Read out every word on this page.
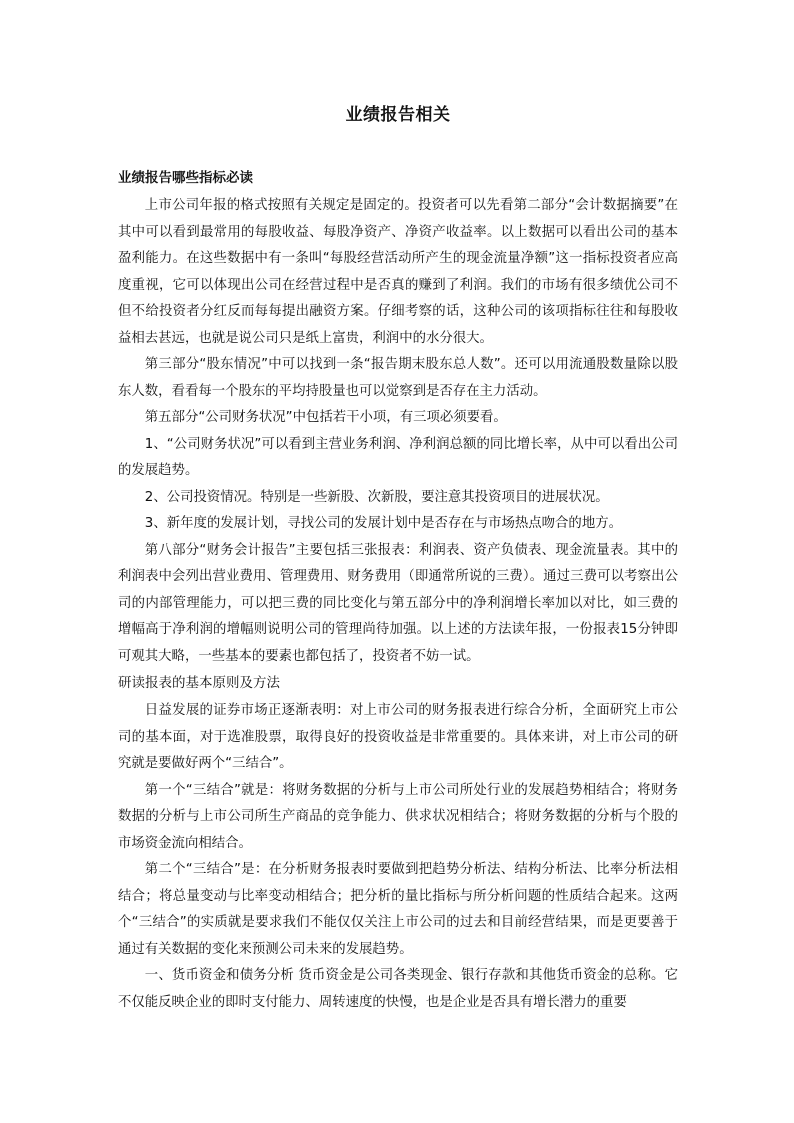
业绩报告相关
业绩报告哪些指标必读

上市公司年报的格式按照有关规定是固定的。投资者可以先看第二部分“会计数据摘要”在其中可以看到最常用的每股收益、每股净资产、净资产收益率。以上数据可以看出公司的基本盈利能力。在这些数据中有一条叫“每股经营活动所产生的现金流量净额”这一指标投资者应高度重视，它可以体现出公司在经营过程中是否真的赚到了利润。我们的市场有很多绩优公司不但不给投资者分红反而每每提出融资方案。仔细考察的话，这种公司的该项指标往往和每股收益相去甚远，也就是说公司只是纸上富贵，利润中的水分很大。

第三部分“股东情况”中可以找到一条“报告期末股东总人数”。还可以用流通股数量除以股东人数，看看每一个股东的平均持股量也可以觉察到是否存在主力活动。

第五部分“公司财务状况”中包括若干小项，有三项必须要看。

1、“公司财务状况”可以看到主营业务利润、净利润总额的同比增长率，从中可以看出公司的发展趋势。

2、公司投资情况。特别是一些新股、次新股，要注意其投资项目的进展状况。

3、新年度的发展计划，寻找公司的发展计划中是否存在与市场热点吻合的地方。

第八部分“财务会计报告”主要包括三张报表：利润表、资产负债表、现金流量表。其中的利润表中会列出营业费用、管理费用、财务费用（即通常所说的三费）。通过三费可以考察出公司的内部管理能力，可以把三费的同比变化与第五部分中的净利润增长率加以对比，如三费的增幅高于净利润的增幅则说明公司的管理尚待加强。以上述的方法读年报，一份报表15分钟即可观其大略，一些基本的要素也都包括了，投资者不妨一试。

研读报表的基本原则及方法

日益发展的证券市场正逐渐表明：对上市公司的财务报表进行综合分析，全面研究上市公司的基本面，对于选准股票，取得良好的投资收益是非常重要的。具体来讲，对上市公司的研究就是要做好两个“三结合”。

第一个“三结合”就是：将财务数据的分析与上市公司所处行业的发展趋势相结合；将财务数据的分析与上市公司所生产商品的竞争能力、供求状况相结合；将财务数据的分析与个股的市场资金流向相结合。

第二个“三结合”是：在分析财务报表时要做到把趋势分析法、结构分析法、比率分析法相结合；将总量变动与比率变动相结合；把分析的量比指标与所分析问题的性质结合起来。这两个“三结合”的实质就是要求我们不能仅仅关注上市公司的过去和目前经营结果，而是更要善于通过有关数据的变化来预测公司未来的发展趋势。

一、货币资金和债务分析 货币资金是公司各类现金、银行存款和其他货币资金的总称。它不仅能反映企业的即时支付能力、周转速度的快慢，也是企业是否具有增长潜力的重要
